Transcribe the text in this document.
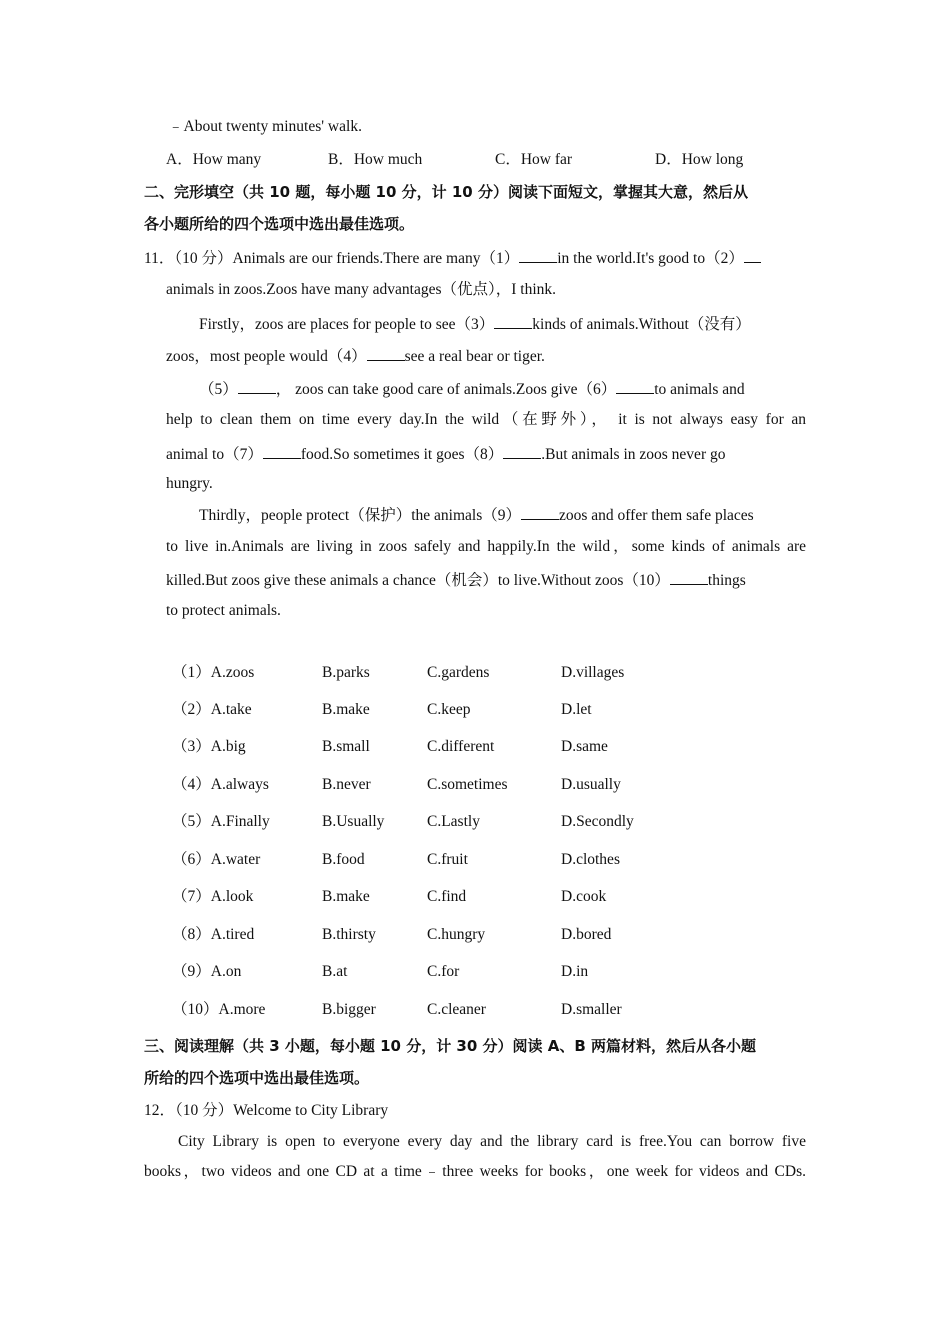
﹣About twenty minutes' walk.
A．How many	B．How much	C．How far	D．How long
二、完形填空（共 10 题，每小题 10 分，计 10 分）阅读下面短文，掌握其大意，然后从
各小题所给的四个选项中选出最佳选项。
11．（10 分）Animals are our friends.There are many（1） in the world.It's good to（2）
animals in zoos.Zoos have many advantages（优点），I think.
Firstly，zoos are places for people to see（3） kinds of animals.Without（没有）
zoos，most people would（4） see a real bear or tiger.
（5） ， zoos can take good care of animals.Zoos give（6） to animals and
help to clean them on time every day.In the wild（在野外）， it is not always easy for an
animal to（7） food.So sometimes it goes（8） .But animals in zoos never go
hungry.
Thirdly，people protect（保护）the animals（9） zoos and offer them safe places
to live in.Animals are living in zoos safely and happily.In the wild，some kinds of animals are
killed.But zoos give these animals a chance（机会）to live.Without zoos（10） things
to protect animals.
（1）A.zoos	B.parks	C.gardens	D.villages
（2）A.take	B.make	C.keep	D.let
（3）A.big	B.small	C.different	D.same
（4）A.always	B.never	C.sometimes	D.usually
（5）A.Finally	B.Usually	C.Lastly	D.Secondly
（6）A.water	B.food	C.fruit	D.clothes
（7）A.look	B.make	C.find	D.cook
（8）A.tired	B.thirsty	C.hungry	D.bored
（9）A.on	B.at	C.for	D.in
（10）A.more	B.bigger	C.cleaner	D.smaller
三、阅读理解（共 3 小题，每小题 10 分，计 30 分）阅读 A、B 两篇材料，然后从各小题
所给的四个选项中选出最佳选项。
12．（10 分）Welcome to City Library
City Library is open to everyone every day and the library card is free.You can borrow five
books，two videos and one CD at a time﹣three weeks for books，one week for videos and CDs.
